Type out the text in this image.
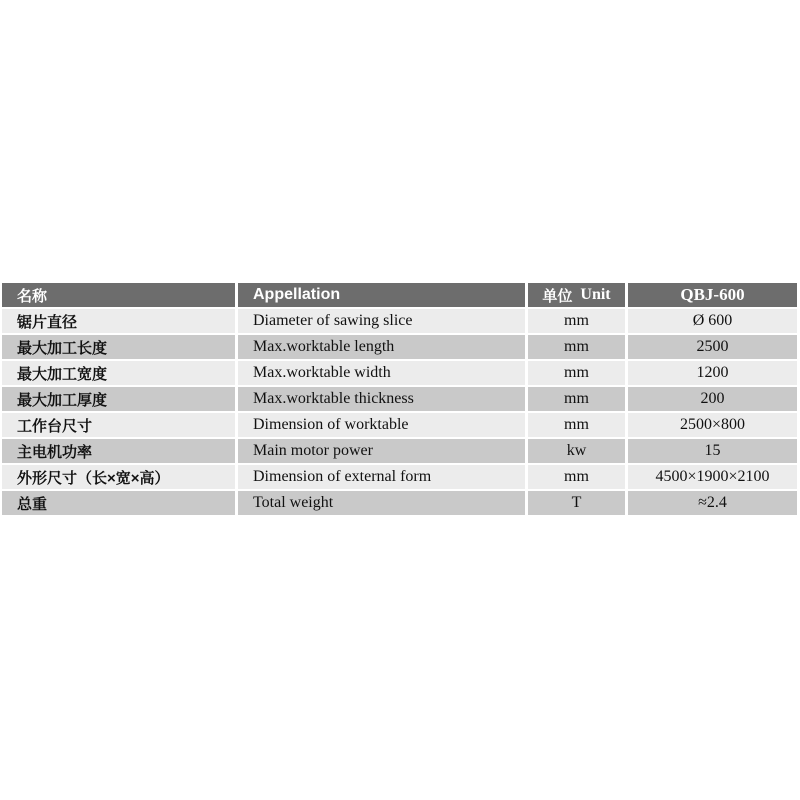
名称	Appellation	单位 Unit	QBJ-600
锯片直径	Diameter of sawing slice	mm	Ø 600
最大加工长度	Max.worktable length	mm	2500
最大加工宽度	Max.worktable width	mm	1200
最大加工厚度	Max.worktable thickness	mm	200
工作台尺寸	Dimension of worktable	mm	2500×800
主电机功率	Main motor power	kw	15
外形尺寸（长×宽×高）	Dimension of external form	mm	4500×1900×2100
总重	Total weight	T	≈2.4
